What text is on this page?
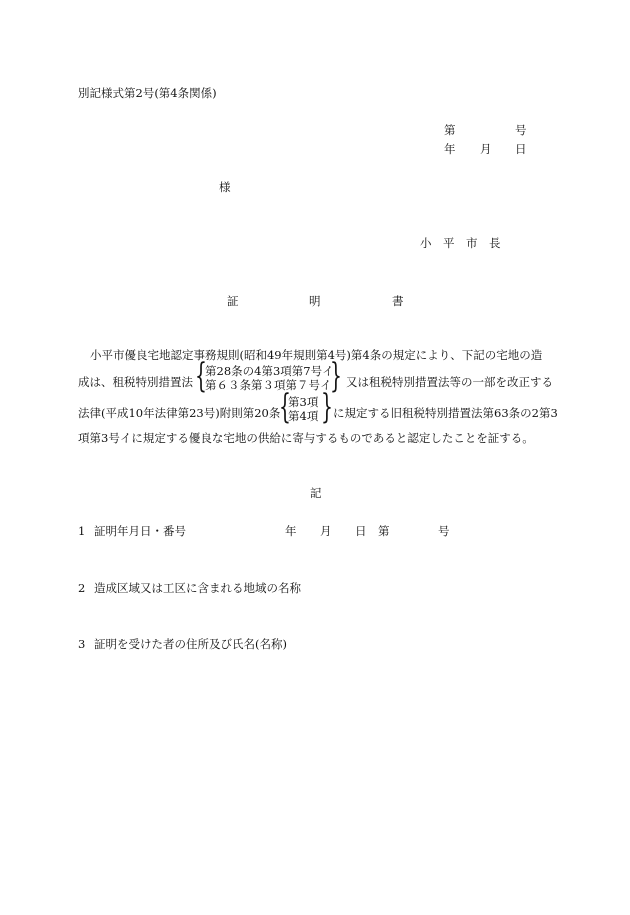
別記様式第2号(第4条関係)
第	号
年 月 日
様
小　平　市　長
証	明	書
小平市優良宅地認定事務規則(昭和49年規則第4号)第4条の規定により、下記の宅地の造
成は、租税特別措置法 {
第28条の4第3項第7号イ
第６３条第３項第７号イ
} 又は租税特別措置法等の一部を改正する
法律(平成10年法律第23号)附則第20条
{
第3項
第4項 } に規定する旧租税特別措置法第63条の2第3
項第3号イに規定する優良な宅地の供給に寄与するものであると認定したことを証する。
記
1 証明年月日・番号	年 月 日 第	号
2 造成区域又は工区に含まれる地域の名称
3 証明を受けた者の住所及び氏名(名称)
